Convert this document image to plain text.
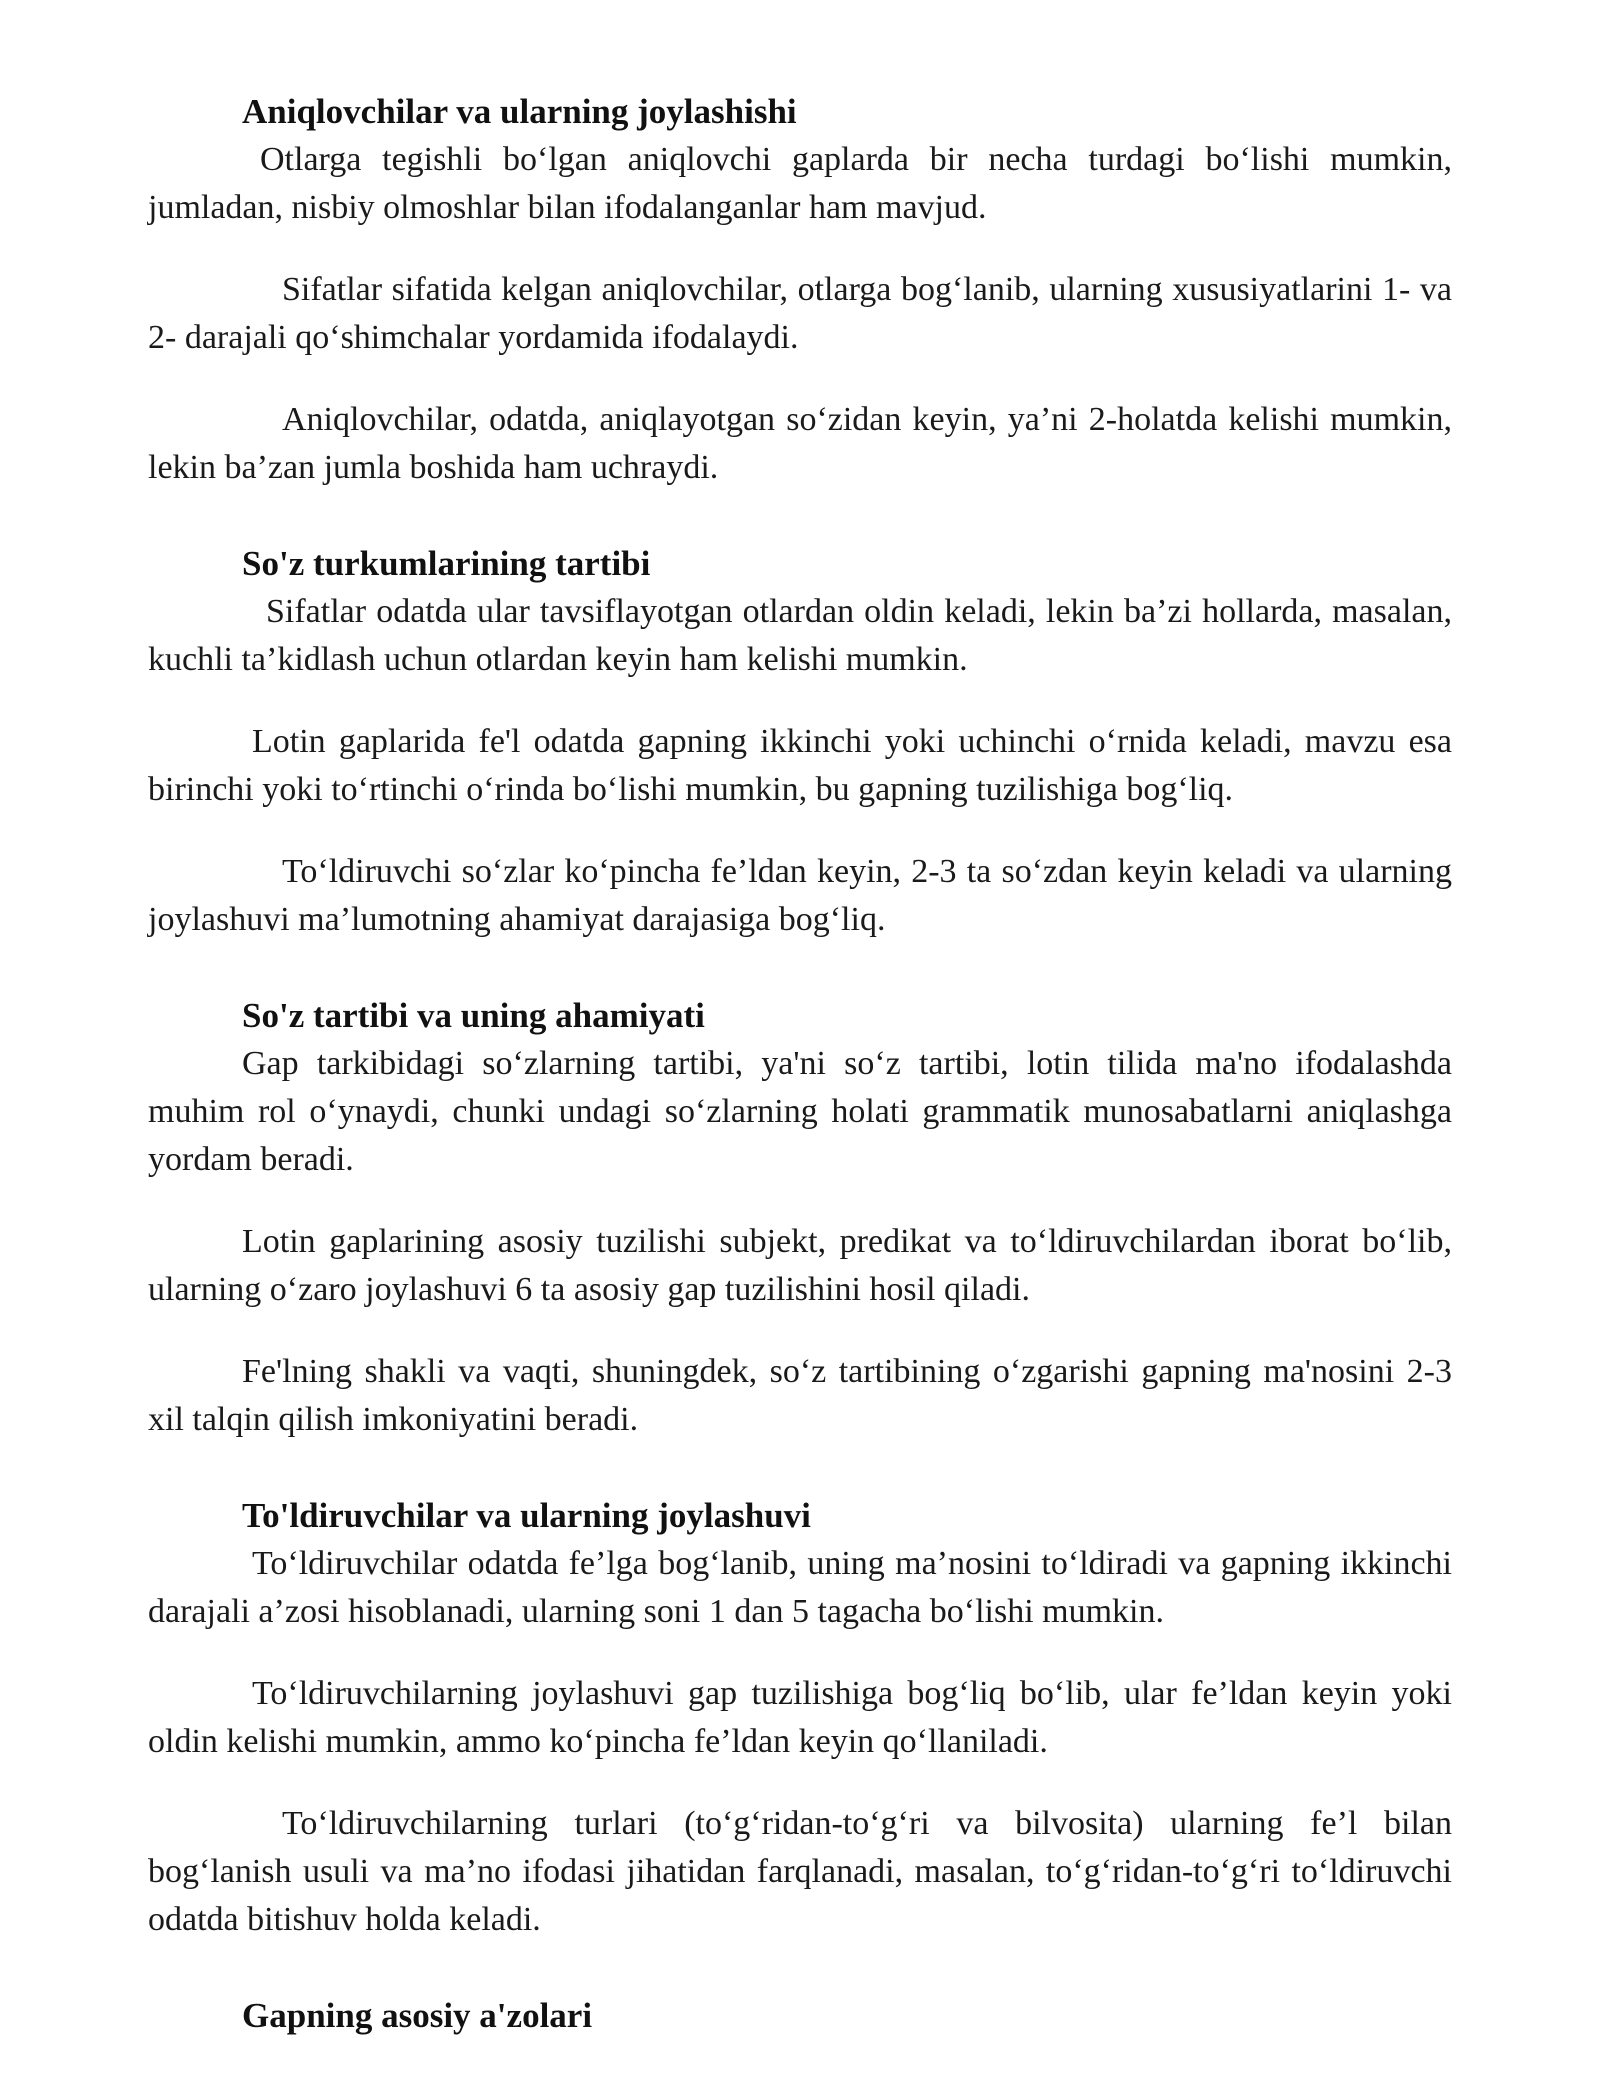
Aniqlovchilar va ularning joylashishi

Otlarga tegishli bo‘lgan aniqlovchi gaplarda bir necha turdagi bo‘lishi mumkin, jumladan, nisbiy olmoshlar bilan ifodalanganlar ham mavjud.

Sifatlar sifatida kelgan aniqlovchilar, otlarga bog‘lanib, ularning xususiyatlarini 1- va 2- darajali qo‘shimchalar yordamida ifodalaydi.

Aniqlovchilar, odatda, aniqlayotgan so‘zidan keyin, ya’ni 2-holatda kelishi mumkin, lekin ba’zan jumla boshida ham uchraydi.

So'z turkumlarining tartibi

Sifatlar odatda ular tavsiflayotgan otlardan oldin keladi, lekin ba’zi hollarda, masalan, kuchli ta’kidlash uchun otlardan keyin ham kelishi mumkin.

Lotin gaplarida fe'l odatda gapning ikkinchi yoki uchinchi o‘rnida keladi, mavzu esa birinchi yoki to‘rtinchi o‘rinda bo‘lishi mumkin, bu gapning tuzilishiga bog‘liq.

To‘ldiruvchi so‘zlar ko‘pincha fe’ldan keyin, 2-3 ta so‘zdan keyin keladi va ularning joylashuvi ma’lumotning ahamiyat darajasiga bog‘liq.

So'z tartibi va uning ahamiyati

Gap tarkibidagi so‘zlarning tartibi, ya'ni so‘z tartibi, lotin tilida ma'no ifodalashda muhim rol o‘ynaydi, chunki undagi so‘zlarning holati grammatik munosabatlarni aniqlashga yordam beradi.

Lotin gaplarining asosiy tuzilishi subjekt, predikat va to‘ldiruvchilardan iborat bo‘lib, ularning o‘zaro joylashuvi 6 ta asosiy gap tuzilishini hosil qiladi.

Fe'lning shakli va vaqti, shuningdek, so‘z tartibining o‘zgarishi gapning ma'nosini 2-3 xil talqin qilish imkoniyatini beradi.

To'ldiruvchilar va ularning joylashuvi

To‘ldiruvchilar odatda fe’lga bog‘lanib, uning ma’nosini to‘ldiradi va gapning ikkinchi darajali a’zosi hisoblanadi, ularning soni 1 dan 5 tagacha bo‘lishi mumkin.

To‘ldiruvchilarning joylashuvi gap tuzilishiga bog‘liq bo‘lib, ular fe’ldan keyin yoki oldin kelishi mumkin, ammo ko‘pincha fe’ldan keyin qo‘llaniladi.

To‘ldiruvchilarning turlari (to‘g‘ridan-to‘g‘ri va bilvosita) ularning fe’l bilan bog‘lanish usuli va ma’no ifodasi jihatidan farqlanadi, masalan, to‘g‘ridan-to‘g‘ri to‘ldiruvchi odatda bitishuv holda keladi.

Gapning asosiy a'zolari
